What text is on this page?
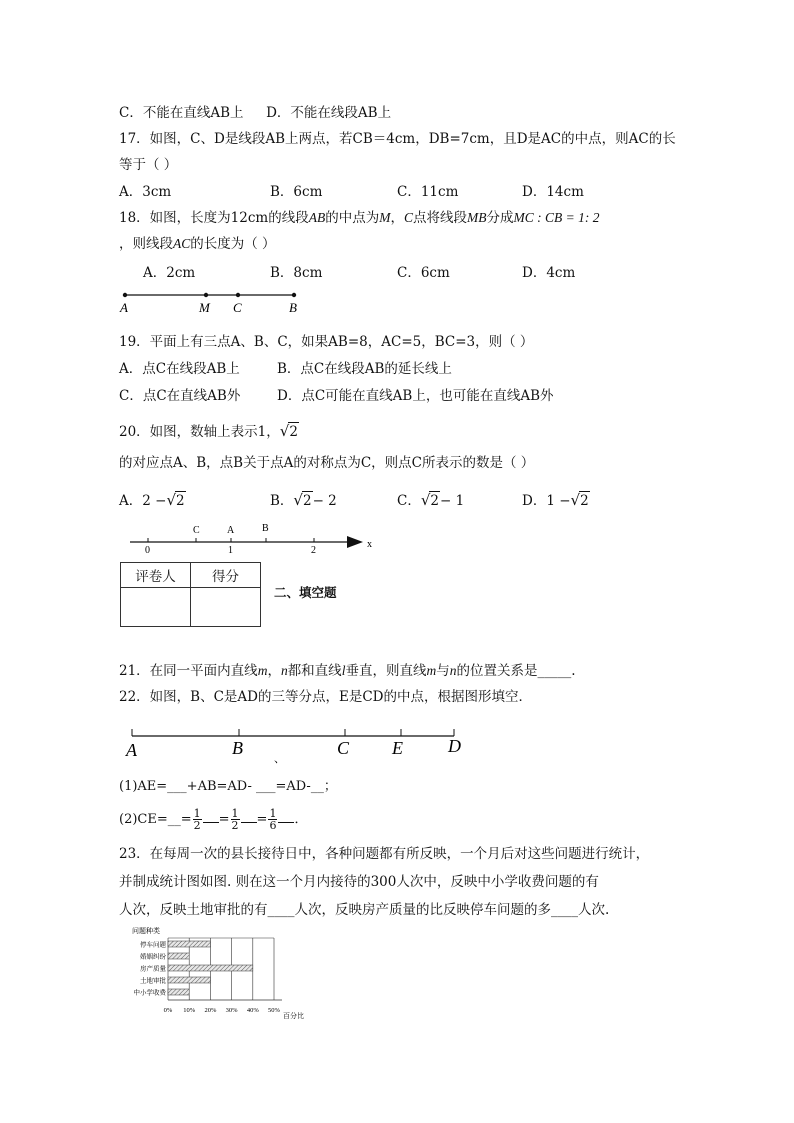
C．不能在直线AB上 D．不能在线段AB上
17．如图，C、D是线段AB上两点，若CB＝4cm，DB=7cm，且D是AC的中点，则AC的长
等于（ ）
A．3cm	B．6cm	C．11cm	D．14cm
18．如图，长度为12cm的线段AB的中点为M，C点将线段MB分成MC : CB = 1: 2
，则线段AC的长度为（ ）
A．2cm	B．8cm	C．6cm	D．4cm
A	M C	B
19．平面上有三点A、B、C，如果AB=8，AC=5，BC=3，则（ ）
A．点C在线段AB上	B．点C在线段AB的延长线上
C．点C在直线AB外	D．点C可能在直线AB上，也可能在直线AB外
20．如图，数轴上表示1，√2
的对应点A、B，点B关于点A的对称点为C，则点C所表示的数是（ ）
A．2 −√2	B．√2− 2	C．√2− 1	D．1 −√2
C	A	B
0	1	2
x
评卷人	得分

二、填空题
21．在同一平面内直线m，n都和直线l垂直，则直线m与n的位置关系是_____.
22．如图，B、C是AD的三等分点，E是CD的中点，根据图形填空．
A	B	C E	D
、
(1)AE=___+AB=AD- ___=AD-__；
(2)CE=__= $\frac{1}{2} = \frac{1}{2} = \frac{1}{6}$ ．
23．在每周一次的县长接待日中，各种问题都有所反映，一个月后对这些问题进行统计，
并制成统计图如图. 则在这一个月内接待的300人次中，反映中小学收费问题的有
人次，反映土地审批的有____人次，反映房产质量的比反映停车问题的多____人次.
问题种类
停车问题
婚姻纠纷
房产质量
土地审批
中小学收费
0% 10% 20% 30% 40% 50%
百分比
